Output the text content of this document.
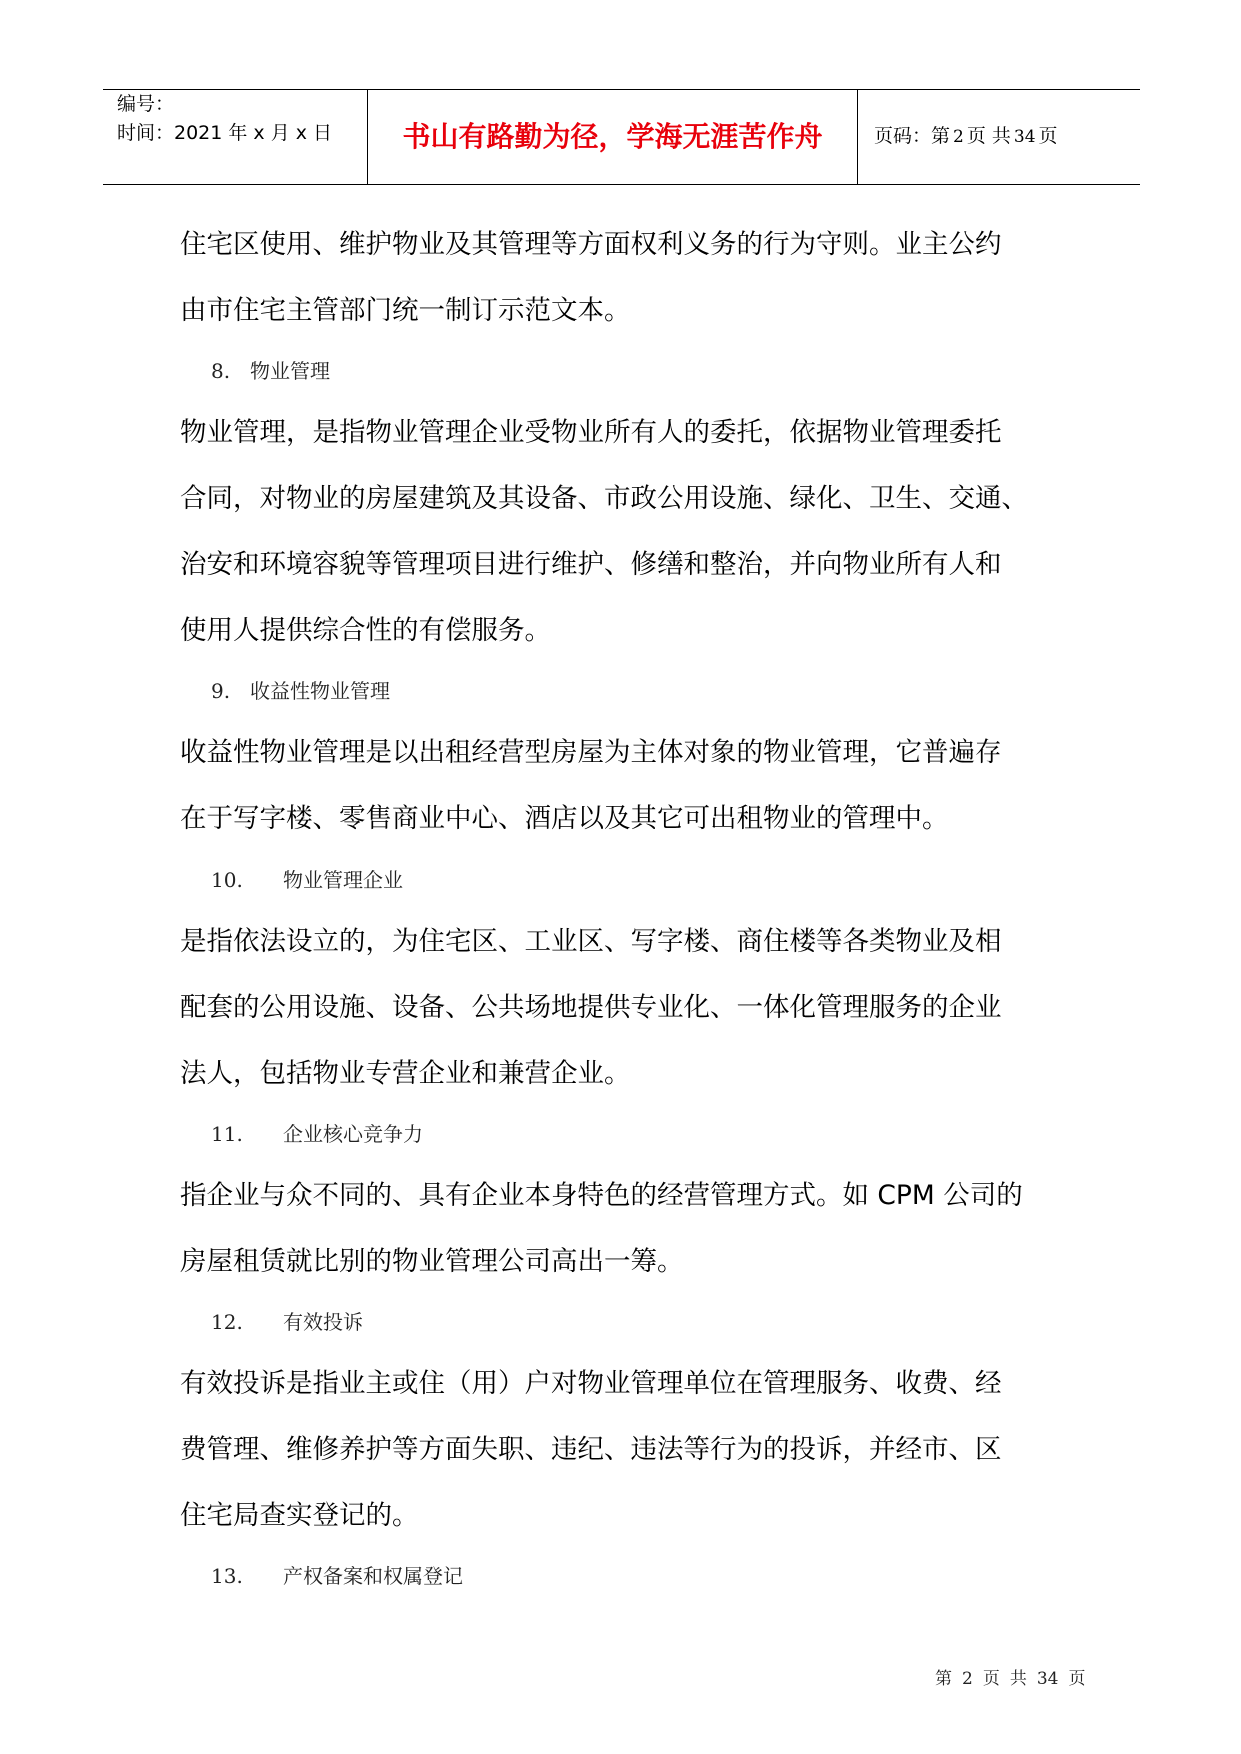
编号：
时间：2021 年 x 月 x 日	书山有路勤为径，学海无涯苦作舟	页码：第 2 页 共 34 页
住宅区使用、维护物业及其管理等方面权利义务的行为守则。业主公约
由市住宅主管部门统一制订示范文本。
8. 物业管理
物业管理，是指物业管理企业受物业所有人的委托，依据物业管理委托
合同，对物业的房屋建筑及其设备、市政公用设施、绿化、卫生、交通、
治安和环境容貌等管理项目进行维护、修缮和整治，并向物业所有人和
使用人提供综合性的有偿服务。
9. 收益性物业管理
收益性物业管理是以出租经营型房屋为主体对象的物业管理，它普遍存
在于写字楼、零售商业中心、酒店以及其它可出租物业的管理中。
10. 物业管理企业
是指依法设立的，为住宅区、工业区、写字楼、商住楼等各类物业及相
配套的公用设施、设备、公共场地提供专业化、一体化管理服务的企业
法人，包括物业专营企业和兼营企业。
11. 企业核心竞争力
指企业与众不同的、具有企业本身特色的经营管理方式。如 CPM 公司的
房屋租赁就比别的物业管理公司高出一筹。
12. 有效投诉
有效投诉是指业主或住（用）户对物业管理单位在管理服务、收费、经
费管理、维修养护等方面失职、违纪、违法等行为的投诉，并经市、区
住宅局查实登记的。
13. 产权备案和权属登记
第 2 页 共 34 页
